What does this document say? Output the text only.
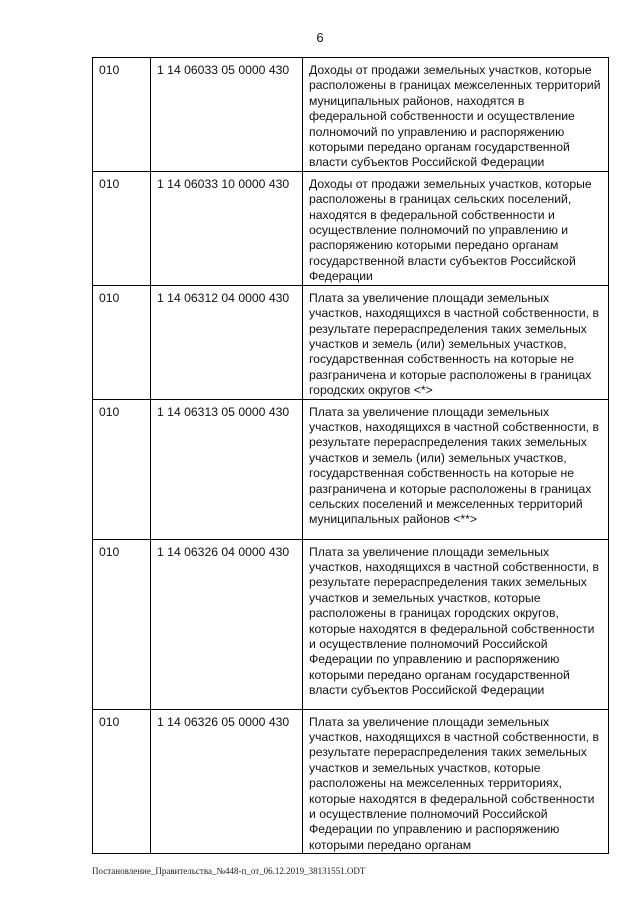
6
010	1 14 06033 05 0000 430	Доходы от продажи земельных участков, которые расположены в границах межселенных территорий муниципальных районов, находятся в федеральной собственности и осуществление полномочий по управлению и распоряжению которыми передано органам государственной власти субъектов Российской Федерации
010	1 14 06033 10 0000 430	Доходы от продажи земельных участков, которые расположены в границах сельских поселений, находятся в федеральной собственности и осуществление полномочий по управлению и распоряжению которыми передано органам государственной власти субъектов Российской Федерации
010	1 14 06312 04 0000 430	Плата за увеличение площади земельных участков, находящихся в частной собственности, в результате перераспределения таких земельных участков и земель (или) земельных участков, государственная собственность на которые не разграничена и которые расположены в границах городских округов <*>
010	1 14 06313 05 0000 430	Плата за увеличение площади земельных участков, находящихся в частной собственности, в результате перераспределения таких земельных участков и земель (или) земельных участков, государственная собственность на которые не разграничена и которые расположены в границах сельских поселений и межселенных территорий муниципальных районов <**>
010	1 14 06326 04 0000 430	Плата за увеличение площади земельных участков, находящихся в частной собственности, в результате перераспределения таких земельных участков и земельных участков, которые расположены в границах городских округов, которые находятся в федеральной собственности и осуществление полномочий Российской Федерации по управлению и распоряжению которыми передано органам государственной власти субъектов Российской Федерации
010	1 14 06326 05 0000 430	Плата за увеличение площади земельных участков, находящихся в частной собственности, в результате перераспределения таких земельных участков и земельных участков, которые расположены на межселенных территориях, которые находятся в федеральной собственности и осуществление полномочий Российской Федерации по управлению и распоряжению которыми передано органам
Постановление_Правительства_№448-п_от_06.12.2019_38131551.ODT
